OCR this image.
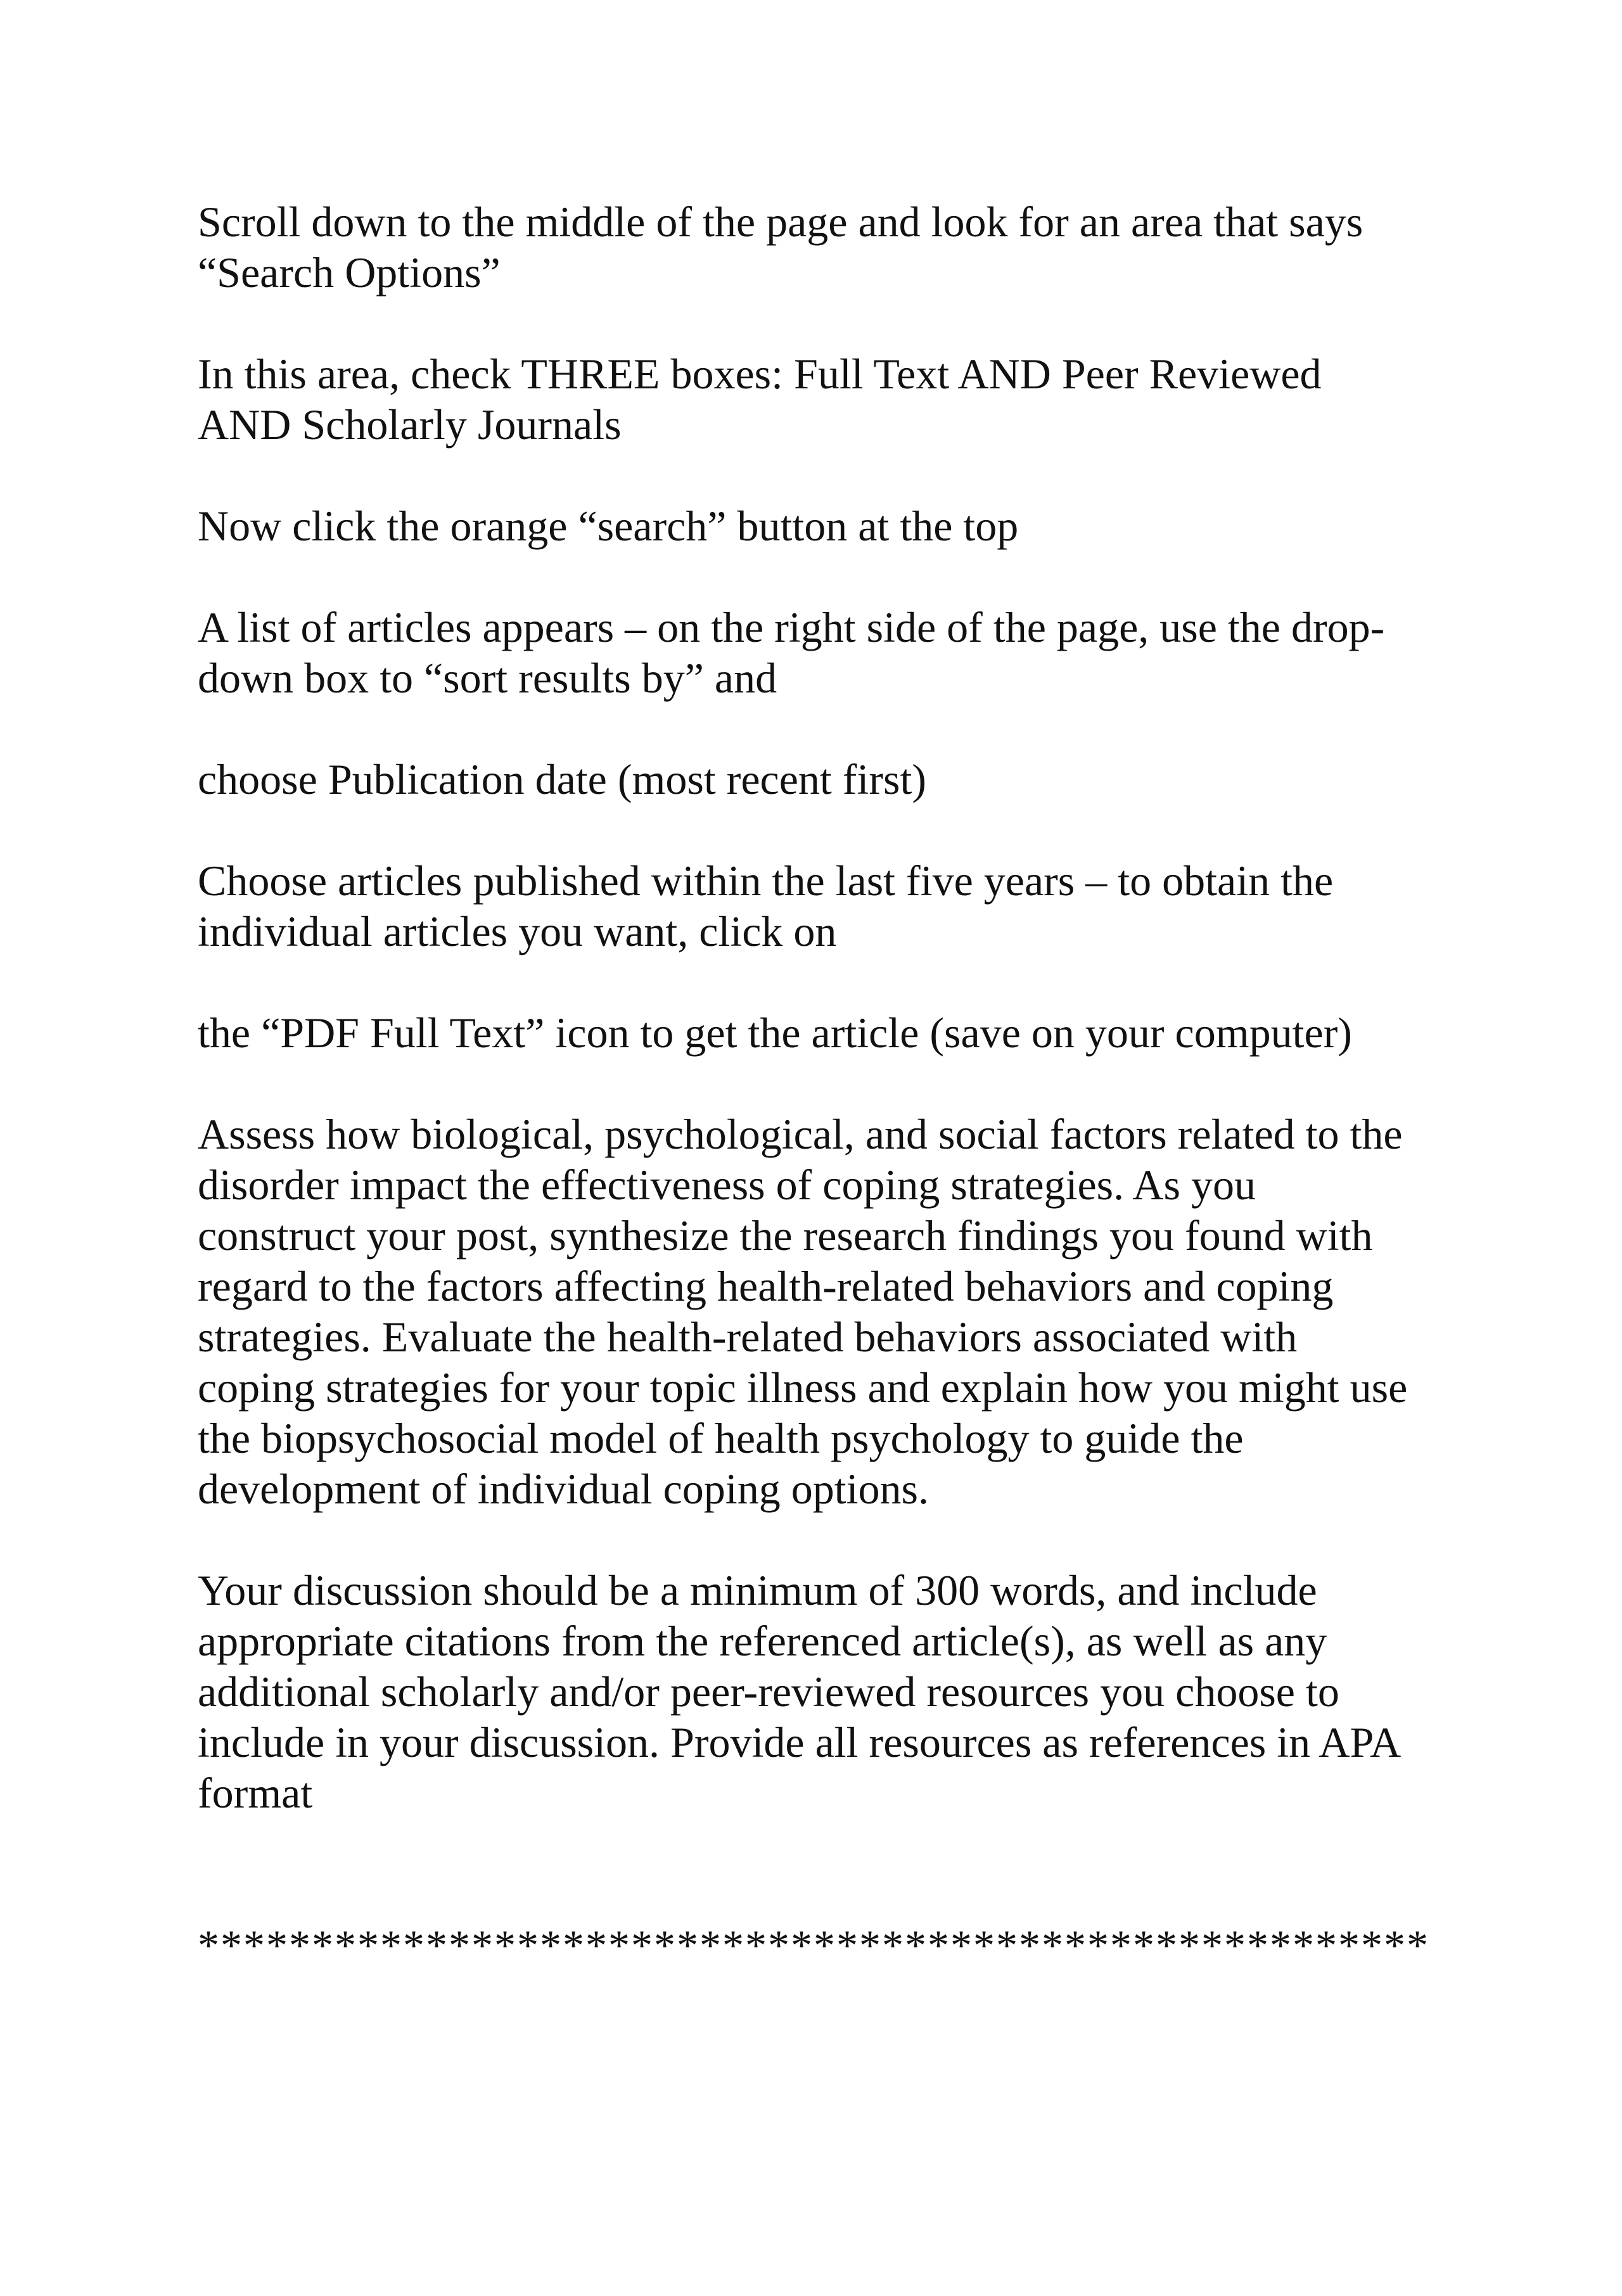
Scroll down to the middle of the page and look for an area that says
“Search Options”

In this area, check THREE boxes: Full Text AND Peer Reviewed
AND Scholarly Journals

Now click the orange “search” button at the top

A list of articles appears – on the right side of the page, use the drop-
down box to “sort results by” and

choose Publication date (most recent first)

Choose articles published within the last five years – to obtain the
individual articles you want, click on

the “PDF Full Text” icon to get the article (save on your computer)

Assess how biological, psychological, and social factors related to the
disorder impact the effectiveness of coping strategies. As you
construct your post, synthesize the research findings you found with
regard to the factors affecting health-related behaviors and coping
strategies. Evaluate the health-related behaviors associated with
coping strategies for your topic illness and explain how you might use
the biopsychosocial model of health psychology to guide the
development of individual coping options.

Your discussion should be a minimum of 300 words, and include
appropriate citations from the referenced article(s), as well as any
additional scholarly and/or peer-reviewed resources you choose to
include in your discussion. Provide all resources as references in APA
format

******************************************************
